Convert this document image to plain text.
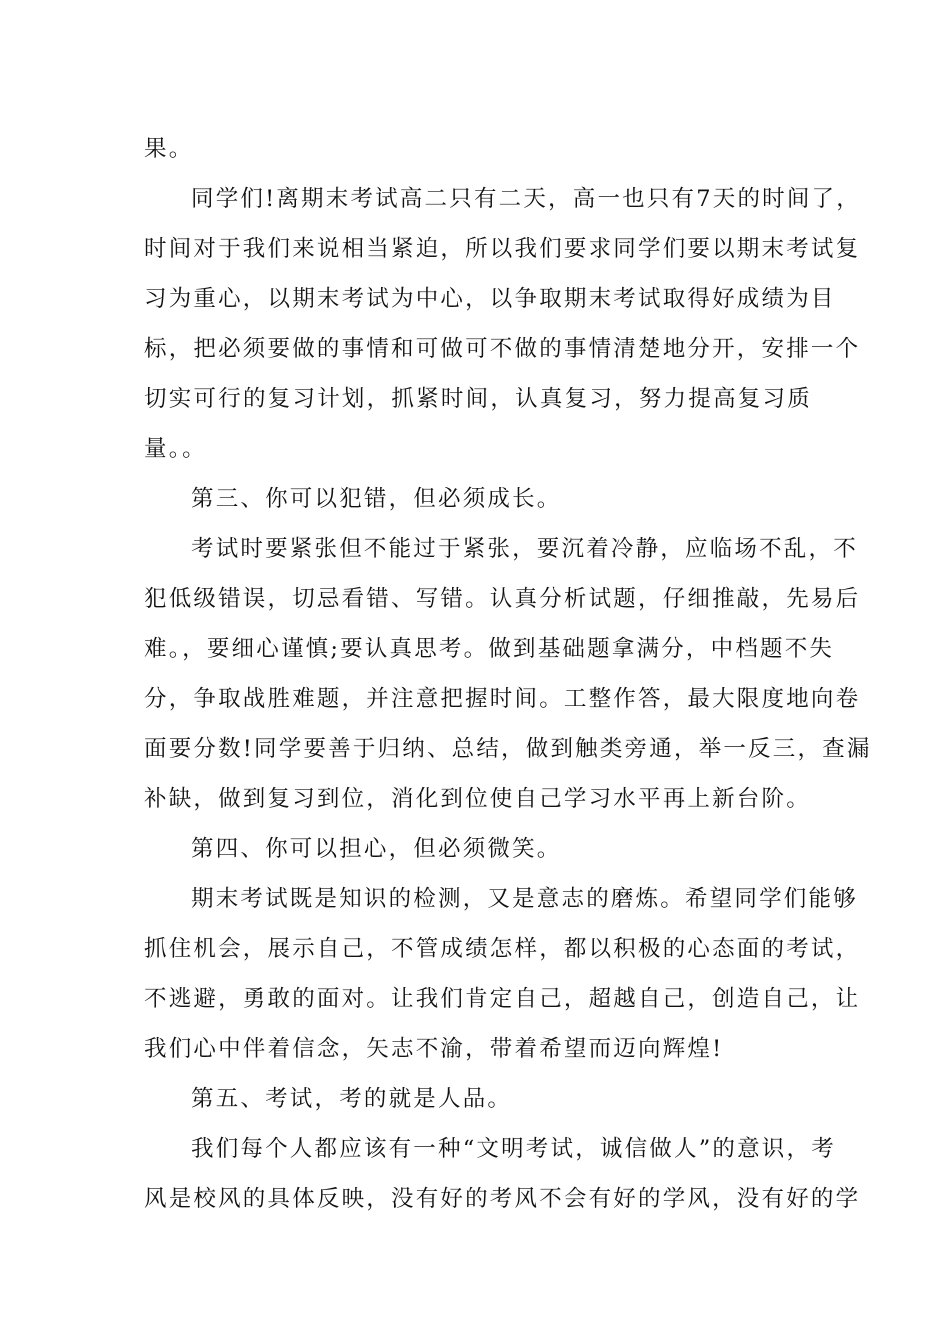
果。
同学们!离期末考试高二只有二天，高一也只有7天的时间了，
时间对于我们来说相当紧迫，所以我们要求同学们要以期末考试复
习为重心，以期末考试为中心，以争取期末考试取得好成绩为目
标，把必须要做的事情和可做可不做的事情清楚地分开，安排一个
切实可行的复习计划，抓紧时间，认真复习，努力提高复习质
量。。
第三、你可以犯错，但必须成长。
考试时要紧张但不能过于紧张，要沉着冷静，应临场不乱，不
犯低级错误，切忌看错、写错。认真分析试题，仔细推敲，先易后
难。，要细心谨慎;要认真思考。做到基础题拿满分，中档题不失
分，争取战胜难题，并注意把握时间。工整作答，最大限度地向卷
面要分数!同学要善于归纳、总结，做到触类旁通，举一反三，查漏
补缺，做到复习到位，消化到位使自己学习水平再上新台阶。
第四、你可以担心，但必须微笑。
期末考试既是知识的检测，又是意志的磨炼。希望同学们能够
抓住机会，展示自己，不管成绩怎样，都以积极的心态面的考试，
不逃避，勇敢的面对。让我们肯定自己，超越自己，创造自己，让
我们心中伴着信念，矢志不渝，带着希望而迈向辉煌!
第五、考试，考的就是人品。
我们每个人都应该有一种“文明考试，诚信做人”的意识，考
风是校风的具体反映，没有好的考风不会有好的学风，没有好的学
